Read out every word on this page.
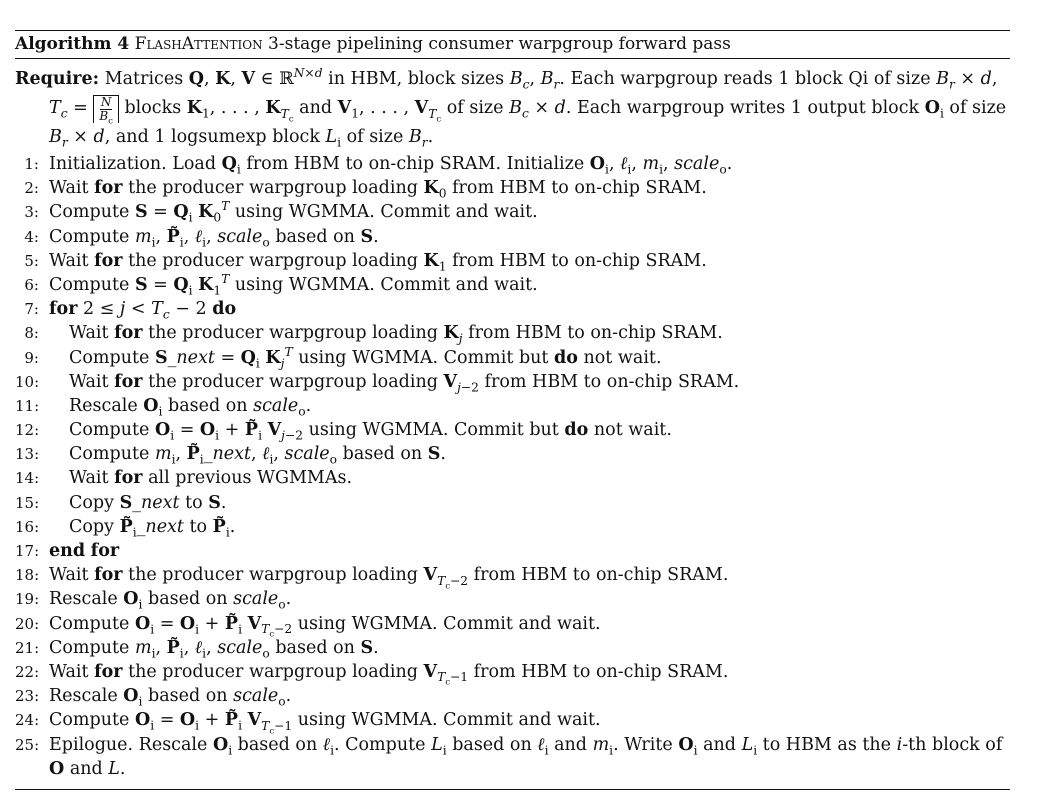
Algorithm 4 FlashAttention 3-stage pipelining consumer warpgroup forward pass
Require: Matrices Q, K, V ∈ ℝ$^{N\times d}$ in HBM, block sizes $B_c$, $B_r$. Each warpgroup reads 1 block Qi of size $B_r \times d$,
$T_c = \frac{N}{B_c}$ blocks $K_1$, . . . , $K_{T_c}$ and $V_1$, . . . , $V_{T_c}$ of size $B_c \times d$. Each warpgroup writes 1 output block $O_i$ of size
$B_r \times d$, and 1 logsumexp block $L_i$ of size $B_r$.
1: Initialization. Load $Q_i$ from HBM to on-chip SRAM. Initialize $O_i$, ℓ$_i$, $m_i$, scale$_o$.
2: Wait for the producer warpgroup loading $K_0$ from HBM to on-chip SRAM.
3: Compute $S = Q_i$ $K_0^T$ using WGMMA. Commit and wait.
4: Compute $m_i$, $P̃_i$, ℓ$_i$, scale$_o$ based on S.
5: Wait for the producer warpgroup loading $K_1$ from HBM to on-chip SRAM.
6: Compute $S = Q_i$ $K_1^T$ using WGMMA. Commit and wait.
7: for $2 \le j < T_c - 2$ do
8: Wait for the producer warpgroup loading $K_j$ from HBM to on-chip SRAM.
9: Compute S_next = $Q_i$ $K_j^T$ using WGMMA. Commit but do not wait.
10: Wait for the producer warpgroup loading $V_{j-2}$ from HBM to on-chip SRAM.
11: Rescale $O_i$ based on scale$_o$.
12: Compute $O_i = O_i$ + $P̃_i$ $V_{j-2}$ using WGMMA. Commit but do not wait.
13: Compute $m_i$, $P̃_i\_next$, ℓ$_i$, scale$_o$ based on S.
14: Wait for all previous WGMMAs.
15: Copy S_next to S.
16: Copy $P̃_i\_next$ to $P̃_i$.
17: end for
18: Wait for the producer warpgroup loading $V_{T_c-2}$ from HBM to on-chip SRAM.
19: Rescale $O_i$ based on scale$_o$.
20: Compute $O_i = O_i$ + $P̃_i$ $V_{T_c-2}$ using WGMMA. Commit and wait.
21: Compute $m_i$, $P̃_i$, ℓ$_i$, scale$_o$ based on S.
22: Wait for the producer warpgroup loading $V_{T_c-1}$ from HBM to on-chip SRAM.
23: Rescale $O_i$ based on scale$_o$.
24: Compute $O_i = O_i$ + $P̃_i$ $V_{T_c-1}$ using WGMMA. Commit and wait.
25: Epilogue. Rescale $O_i$ based on ℓ$_i$. Compute $L_i$ based on ℓ$_i$ and $m_i$. Write $O_i$ and $L_i$ to HBM as the i-th block of O and L.
